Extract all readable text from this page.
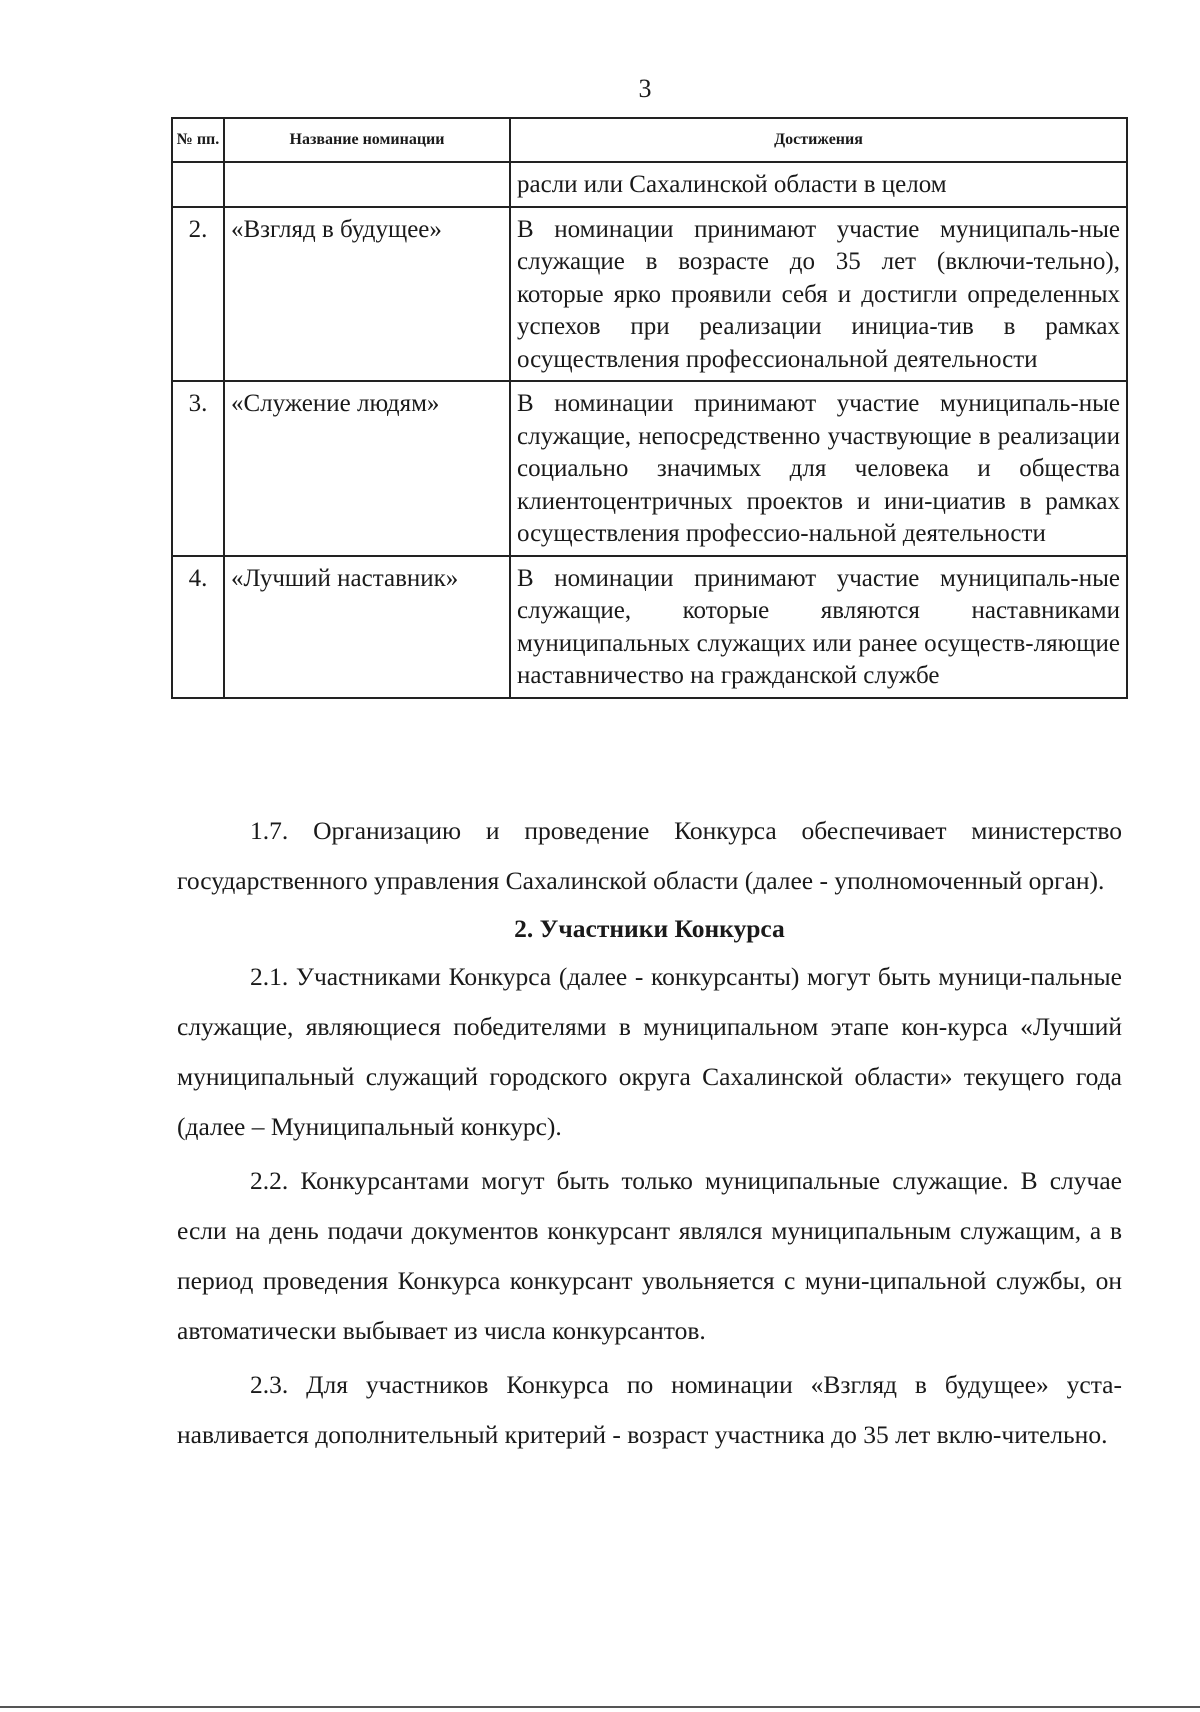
3
№ пп.	Название номинации	Достижения
		расли или Сахалинской области в целом
2.	«Взгляд в будущее»	В номинации принимают участие муниципаль-ные служащие в возрасте до 35 лет (включи-тельно), которые ярко проявили себя и достигли определенных успехов при реализации инициа-тив в рамках осуществления профессиональной деятельности
3.	«Служение людям»	В номинации принимают участие муниципаль-ные служащие, непосредственно участвующие в реализации социально значимых для человека и общества клиентоцентричных проектов и ини-циатив в рамках осуществления профессио-нальной деятельности
4.	«Лучший наставник»	В номинации принимают участие муниципаль-ные служащие, которые являются наставниками муниципальных служащих или ранее осуществ-ляющие наставничество на гражданской службе

1.7. Организацию и проведение Конкурса обеспечивает министерство государственного управления Сахалинской области (далее - уполномоченный орган).

2. Участники Конкурса

2.1. Участниками Конкурса (далее - конкурсанты) могут быть муници-пальные служащие, являющиеся победителями в муниципальном этапе кон-курса «Лучший муниципальный служащий городского округа Сахалинской области» текущего года (далее – Муниципальный конкурс).

2.2. Конкурсантами могут быть только муниципальные служащие. В случае если на день подачи документов конкурсант являлся муниципальным служащим, а в период проведения Конкурса конкурсант увольняется с муни-ципальной службы, он автоматически выбывает из числа конкурсантов.

2.3. Для участников Конкурса по номинации «Взгляд в будущее» уста-навливается дополнительный критерий - возраст участника до 35 лет вклю-чительно.
